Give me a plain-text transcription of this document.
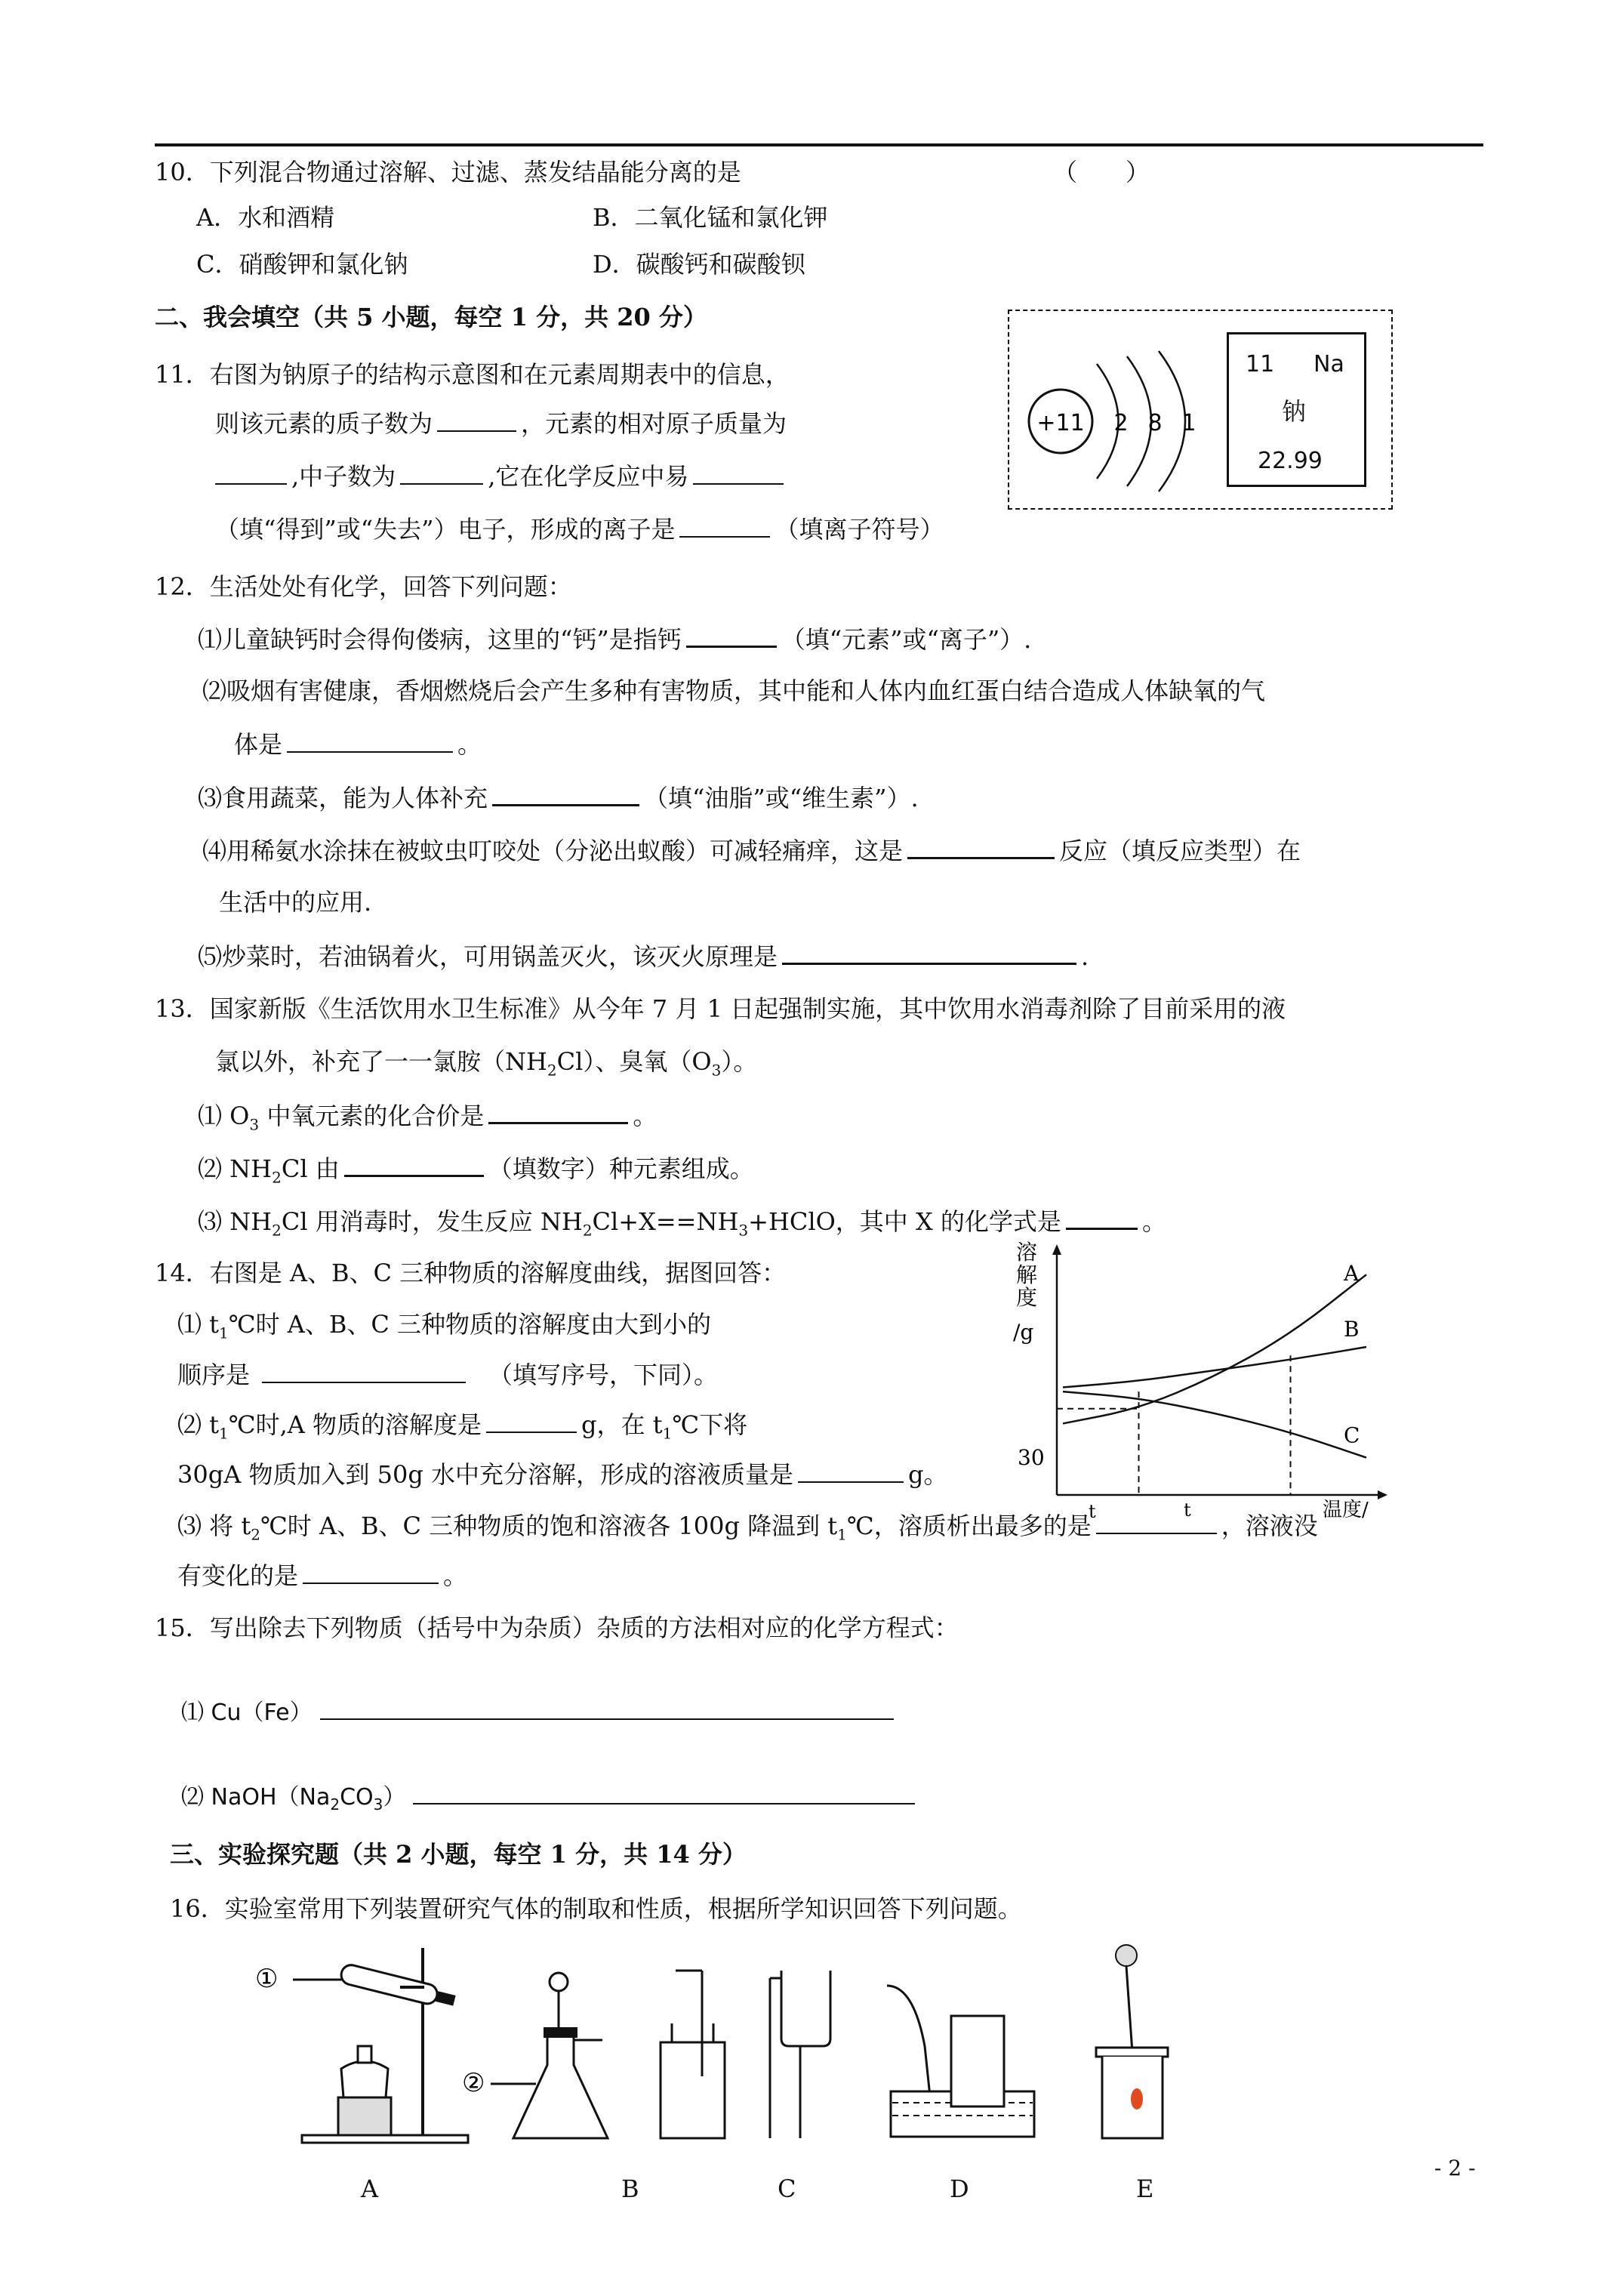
10．下列混合物通过溶解、过滤、蒸发结晶能分离的是	（　　）
A．水和酒精	B．二氧化锰和氯化钾
C．硝酸钾和氯化钠	D．碳酸钙和碳酸钡
二、我会填空（共 5 小题，每空 1 分，共 20 分）
11．右图为钠原子的结构示意图和在元素周期表中的信息，
则该元素的质子数为	，元素的相对原子质量为
,中子数为	,它在化学反应中易
（填“得到”或“失去”）电子，形成的离子是	（填离子符号）
+11 2 8 1
11 Na
钠
22.99
12．生活处处有化学，回答下列问题：
⑴儿童缺钙时会得佝偻病，这里的“钙”是指钙	（填“元素”或“离子”）.
⑵吸烟有害健康，香烟燃烧后会产生多种有害物质，其中能和人体内血红蛋白结合造成人体缺氧的气
体是	。
⑶食用蔬菜，能为人体补充	（填“油脂”或“维生素”）.
⑷用稀氨水涂抹在被蚊虫叮咬处（分泌出蚁酸）可减轻痛痒，这是	反应（填反应类型）在
生活中的应用.
⑸炒菜时，若油锅着火，可用锅盖灭火，该灭火原理是	.
13．国家新版《生活饮用水卫生标准》从今年 7 月 1 日起强制实施，其中饮用水消毒剂除了目前采用的液
氯以外，补充了一一氯胺$(NH_2Cl)$、臭氧$(O_3)$。
⑴ $O_3$ 中氧元素的化合价是	。
⑵ $NH_2Cl$ 由	（填数字）种元素组成。
⑶ $NH_2Cl$ 用消毒时，发生反应 $NH_2Cl+X==NH_3+HClO$，其中 X 的化学式是	。
14．右图是 A、B、C 三种物质的溶解度曲线，据图回答：
⑴ $t_1℃$时 A、B、C 三种物质的溶解度由大到小的
顺序是	（填写序号，下同）。
⑵ $t_1℃$时,A 物质的溶解度是	g，在 $t_1℃$下将
30gA 物质加入到 50g 水中充分溶解，形成的溶液质量是	g。
⑶ 将 $t_2℃$时 A、B、C 三种物质的饱和溶液各 100g 降温到 $t_1℃$，溶质析出最多的是	，溶液没
有变化的是	。
A
B
C
溶 解 度 /g
30
t	t	温度/
15．写出除去下列物质（括号中为杂质）杂质的方法相对应的化学方程式：
⑴ Cu（Fe）
⑵ $NaOH(Na_2CO_3)$
三、实验探究题（共 2 小题，每空 1 分，共 14 分）
16．实验室常用下列装置研究气体的制取和性质，根据所学知识回答下列问题。
①
②
A	B	C	D	E
- 2 -
